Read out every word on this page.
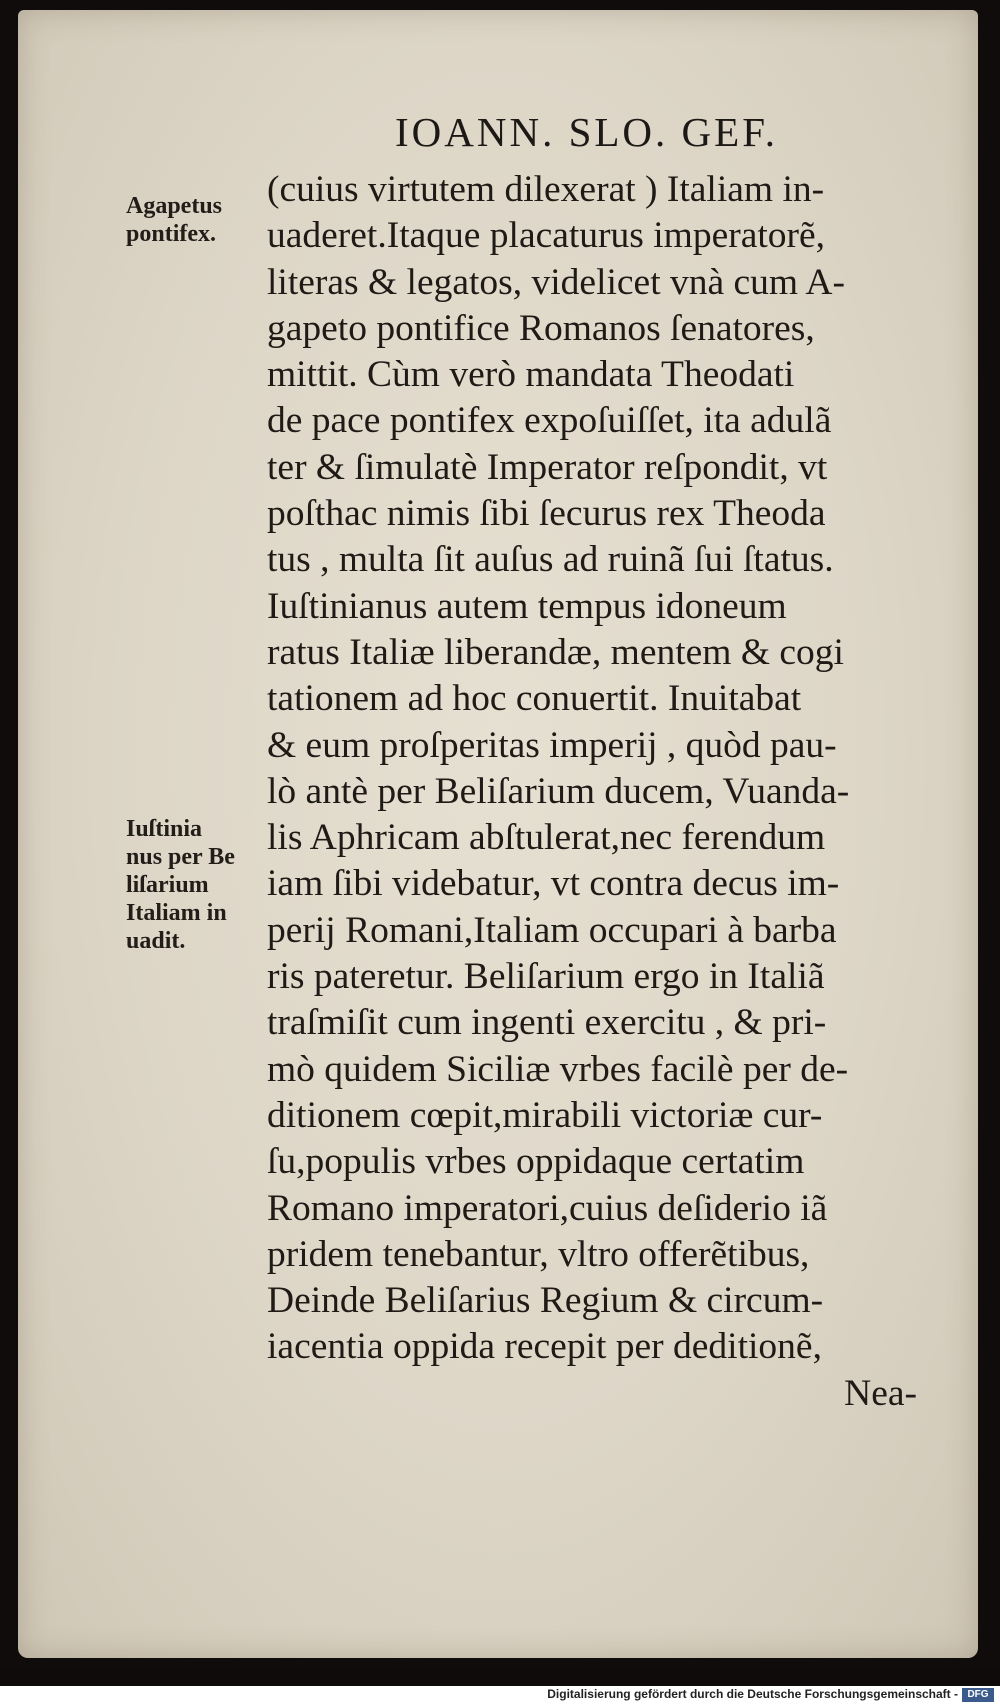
IOANN. SLO. GEF.
(cuius virtutem dilexerat ) Italiam in-
uaderet.Itaque placaturus imperatorẽ,
literas & legatos, videlicet vnà cum A-
gapeto pontifice Romanos ſenatores,
mittit. Cùm verò mandata Theodati
de pace pontifex expoſuiſſet, ita adulã
ter & ſimulatè Imperator reſpondit, vt
poſthac nimis ſibi ſecurus rex Theoda
tus , multa ſit auſus ad ruinã ſui ſtatus.
Iuſtinianus autem tempus idoneum
ratus Italiæ liberandæ, mentem & cogi
tationem ad hoc conuertit. Inuitabat
& eum proſperitas imperij , quòd pau-
lò antè per Beliſarium ducem, Vuanda-
lis Aphricam abſtulerat,nec ferendum
iam ſibi videbatur, vt contra decus im-
perij Romani,Italiam occupari à barba
ris pateretur. Beliſarium ergo in Italiã
traſmiſit cum ingenti exercitu , & pri-
mò quidem Siciliæ vrbes facilè per de-
ditionem cœpit,mirabili victoriæ cur-
ſu,populis vrbes oppidaque certatim
Romano imperatori,cuius deſiderio iã
pridem tenebantur, vltro offerẽtibus,
Deinde Beliſarius Regium & circum-
iacentia oppida recepit per deditionẽ,
Nea-
Agapetus
pontifex.
Iuſtinia
nus per Be
liſarium
Italiam in
uadit.
Digitalisierung gefördert durch die Deutsche Forschungsgemeinschaft - DFG
